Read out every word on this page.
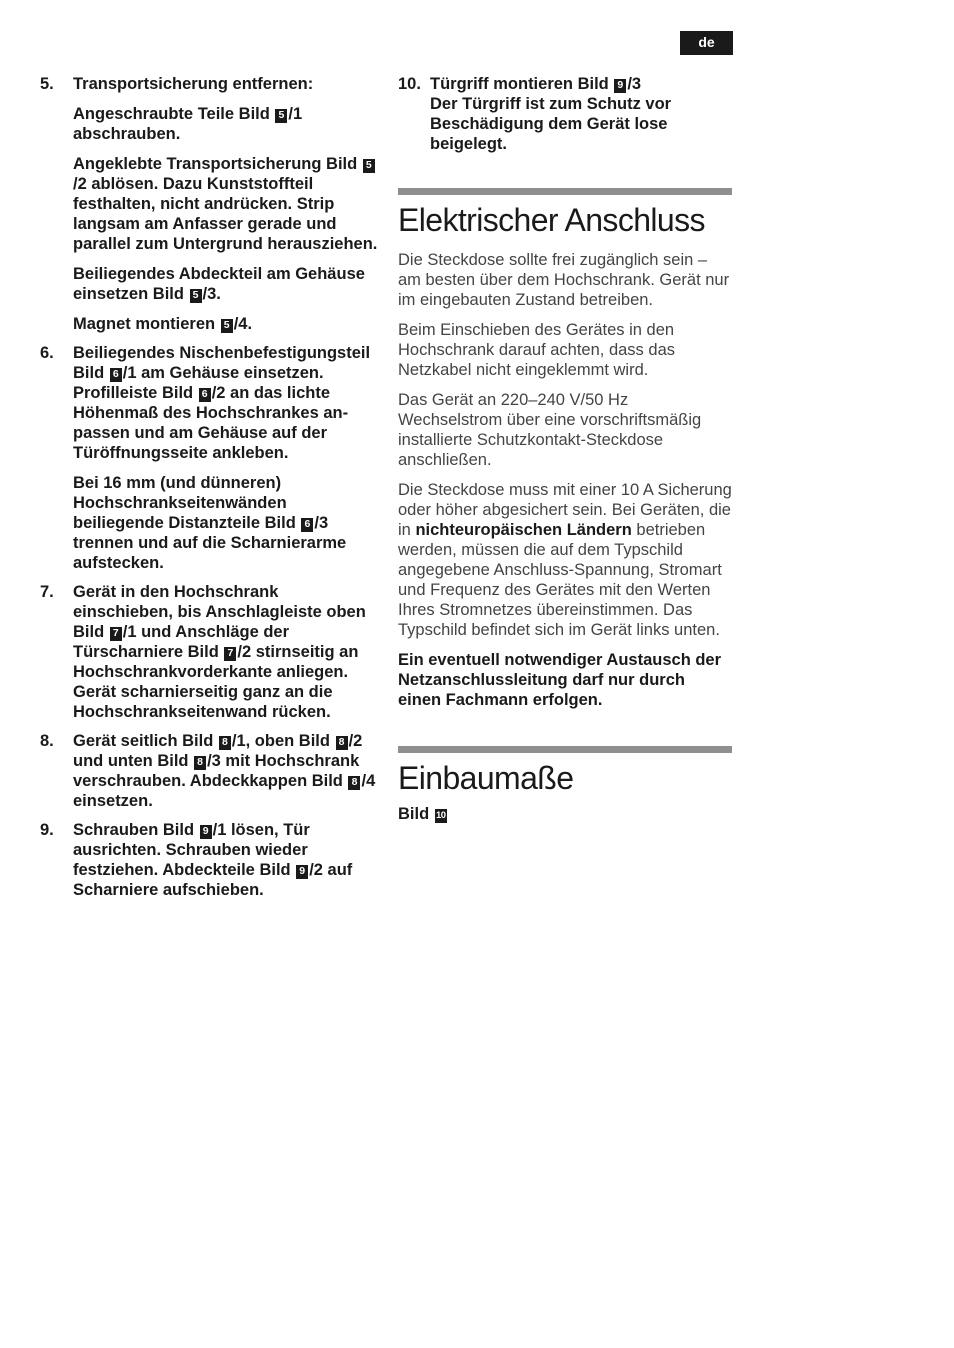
de
5. Transportsicherung entfernen:

Angeschraubte Teile Bild 5 /1 abschrauben.

Angeklebte Transportsicherung Bild 5/2 ablösen. Dazu Kunststoffteil festhalten, nicht andrücken. Strip langsam am Anfasser gerade und parallel zum Untergrund herausziehen.

Beiliegendes Abdeckteil am Gehäuse einsetzen Bild 5 /3.

Magnet montieren 5 /4.

6. Beiliegendes Nischenbefestigungsteil Bild 6 /1 am Gehäuse einsetzen. Profilleiste Bild 6 /2 an das lichte Höhenmaß des Hochschrankes an-passen und am Gehäuse auf der Türöffnungsseite ankleben.

Bei 16 mm (und dünneren) Hochschrankseitenwänden beiliegende Distanzteile Bild 6 /3 trennen und auf die Scharnierarme aufstecken.

7. Gerät in den Hochschrank einschieben, bis Anschlagleiste oben Bild 7 /1 und Anschläge der Türscharniere Bild 7 /2 stirnseitig an Hochschrankvorderkante anliegen. Gerät scharnierseitig ganz an die Hochschrankseitenwand rücken.

8. Gerät seitlich Bild 8 /1, oben Bild 8 /2 und unten Bild 8 /3 mit Hochschrank verschrauben. Abdeckkappen Bild 8 /4 einsetzen.

9. Schrauben Bild 9 /1 lösen, Tür ausrichten. Schrauben wieder festziehen. Abdeckteile Bild 9 /2 auf Scharniere aufschieben.

10. Türgriff montieren Bild 9 /3

Der Türgriff ist zum Schutz vor Beschädigung dem Gerät lose beigelegt.

Elektrischer Anschluss

Die Steckdose sollte frei zugänglich sein – am besten über dem Hochschrank. Gerät nur im eingebauten Zustand betreiben.

Beim Einschieben des Gerätes in den Hochschrank darauf achten, dass das Netzkabel nicht eingeklemmt wird.

Das Gerät an 220–240 V/50 Hz Wechselstrom über eine vorschriftsmäßig installierte Schutzkontakt-Steckdose anschließen.

Die Steckdose muss mit einer 10 A Sicherung oder höher abgesichert sein. Bei Geräten, die in nichteuropäischen Ländern betrieben werden, müssen die auf dem Typschild angegebene Anschluss-Spannung, Stromart und Frequenz des Gerätes mit den Werten Ihres Stromnetzes übereinstimmen. Das Typschild befindet sich im Gerät links unten.

Ein eventuell notwendiger Austausch der Netzanschlussleitung darf nur durch einen Fachmann erfolgen.

Einbaumaße

Bild 10
